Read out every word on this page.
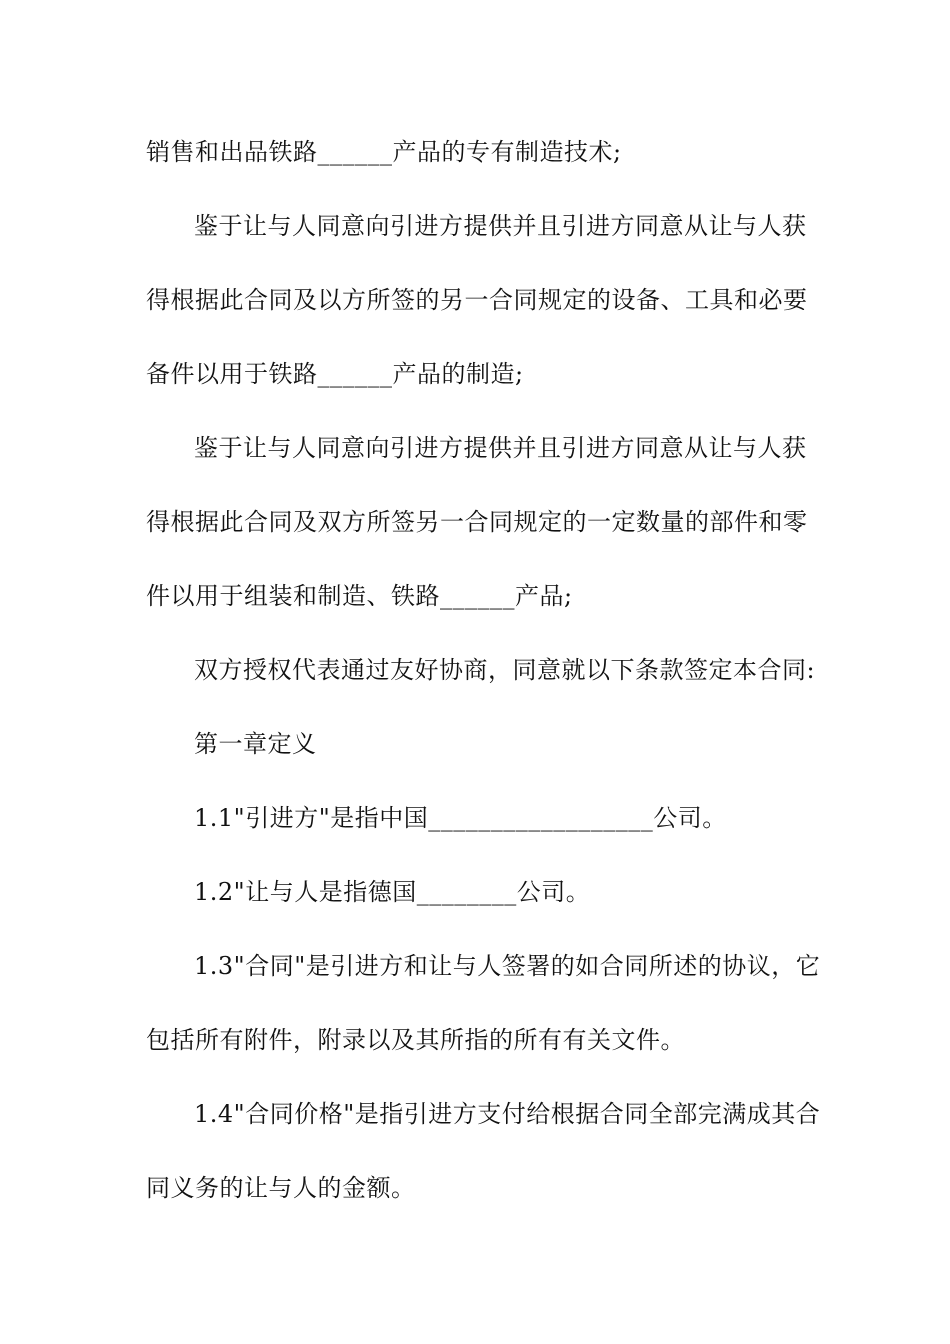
销售和出品铁路______产品的专有制造技术;
鉴于让与人同意向引进方提供并且引进方同意从让与人获
得根据此合同及以方所签的另一合同规定的设备、工具和必要
备件以用于铁路______产品的制造;
鉴于让与人同意向引进方提供并且引进方同意从让与人获
得根据此合同及双方所签另一合同规定的一定数量的部件和零
件以用于组装和制造、铁路______产品;
双方授权代表通过友好协商，同意就以下条款签定本合同:
第一章定义
1.1"引进方"是指中国__________________公司。
1.2"让与人是指德国________公司。
1.3"合同"是引进方和让与人签署的如合同所述的协议，它
包括所有附件，附录以及其所指的所有有关文件。
1.4"合同价格"是指引进方支付给根据合同全部完满成其合
同义务的让与人的金额。
